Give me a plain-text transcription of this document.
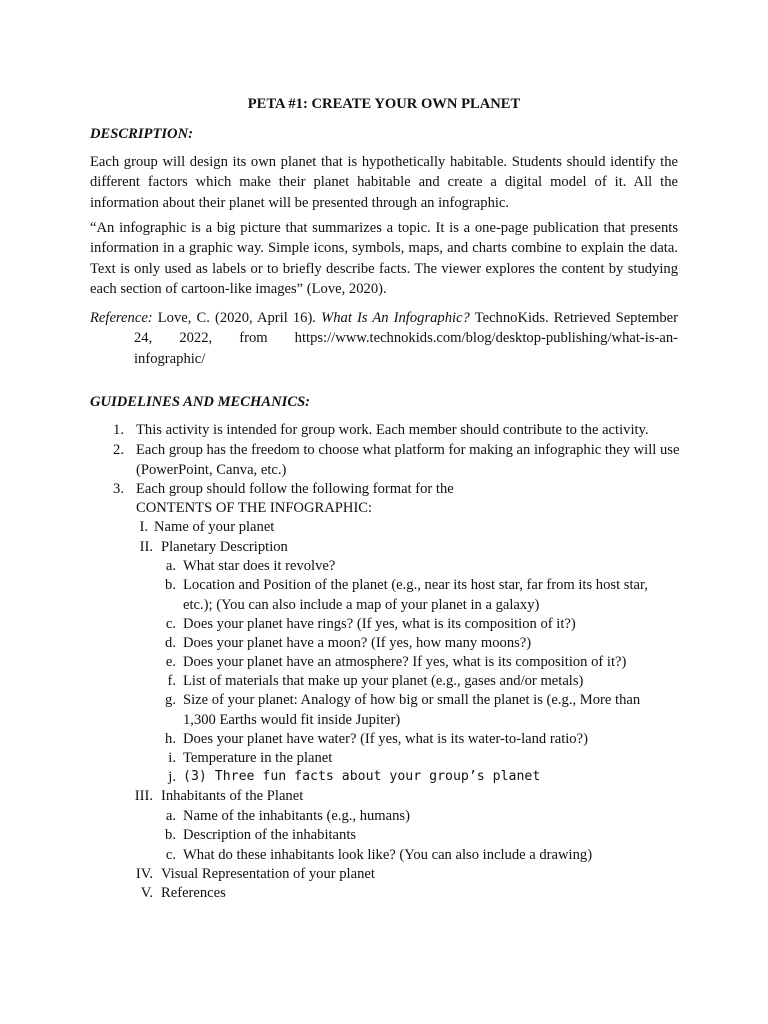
PETA #1: CREATE YOUR OWN PLANET
DESCRIPTION:
Each group will design its own planet that is hypothetically habitable. Students should identify the different factors which make their planet habitable and create a digital model of it. All the information about their planet will be presented through an infographic.
“An infographic is a big picture that summarizes a topic. It is a one-page publication that presents information in a graphic way. Simple icons, symbols, maps, and charts combine to explain the data. Text is only used as labels or to briefly describe facts. The viewer explores the content by studying each section of cartoon-like images” (Love, 2020).
Reference: Love, C. (2020, April 16). What Is An Infographic? TechnoKids. Retrieved September 24, 2022, from https://www.technokids.com/blog/desktop-publishing/what-is-an-infographic/
GUIDELINES AND MECHANICS:
1. This activity is intended for group work. Each member should contribute to the activity.
2. Each group has the freedom to choose what platform for making an infographic they will use (PowerPoint, Canva, etc.)
3. Each group should follow the following format for the
CONTENTS OF THE INFOGRAPHIC:
I. Name of your planet
II. Planetary Description
a. What star does it revolve?
b. Location and Position of the planet (e.g., near its host star, far from its host star, etc.); (You can also include a map of your planet in a galaxy)
c. Does your planet have rings? (If yes, what is its composition of it?)
d. Does your planet have a moon? (If yes, how many moons?)
e. Does your planet have an atmosphere? If yes, what is its composition of it?)
f. List of materials that make up your planet (e.g., gases and/or metals)
g. Size of your planet: Analogy of how big or small the planet is (e.g., More than 1,300 Earths would fit inside Jupiter)
h. Does your planet have water? (If yes, what is its water-to-land ratio?)
i. Temperature in the planet
j. (3) Three fun facts about your group’s planet
III. Inhabitants of the Planet
a. Name of the inhabitants (e.g., humans)
b. Description of the inhabitants
c. What do these inhabitants look like? (You can also include a drawing)
IV. Visual Representation of your planet
V. References
